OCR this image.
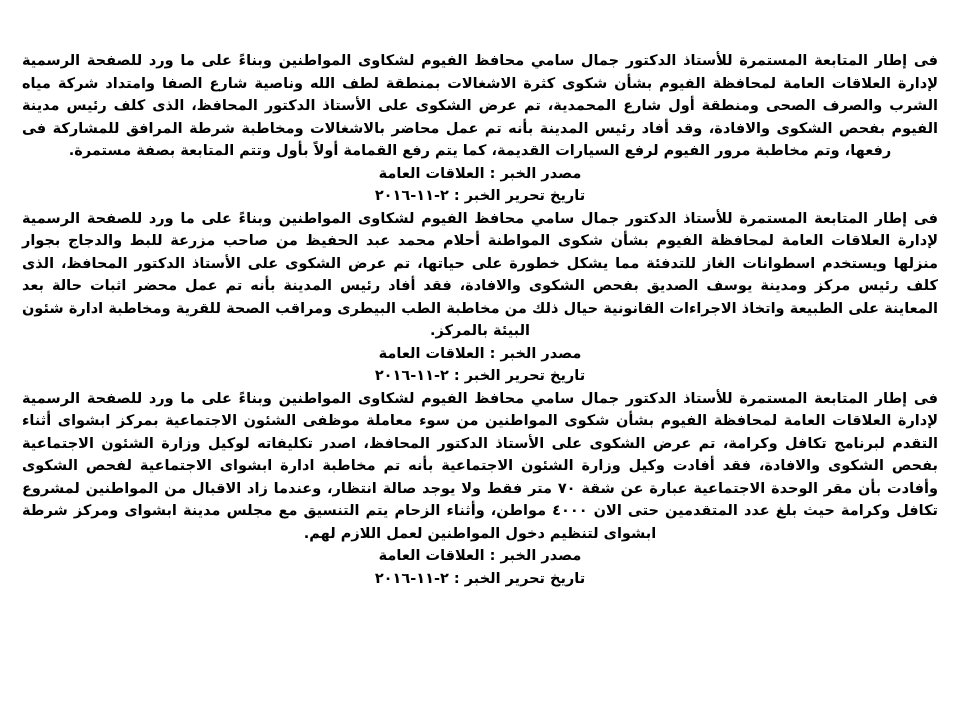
فى إطار المتابعة المستمرة للأستاذ الدكتور جمال سامي محافظ الفيوم لشكاوى المواطنين وبناءً على ما ورد للصفحة الرسمية لإدارة العلاقات العامة لمحافظة الفيوم بشأن شكوى كثرة الاشغالات بمنطقة لطف الله وناصية شارع الصفا وامتداد شركة مياه الشرب والصرف الصحى ومنطقة أول شارع المحمدية، تم عرض الشكوى على الأستاذ الدكتور المحافظ، الذى كلف رئيس مدينة الفيوم بفحص الشكوى والافادة، وقد أفاد رئيس المدينة بأنه تم عمل محاضر بالاشغالات ومخاطبة شرطة المرافق للمشاركة فى رفعها، وتم مخاطبة مرور الفيوم لرفع السيارات القديمة، كما يتم رفع القمامة أولاً بأول وتتم المتابعة بصفة مستمرة.

مصدر الخبر : العلاقات العامة

تاريخ تحرير الخبر : ٢-١١-٢٠١٦

فى إطار المتابعة المستمرة للأستاذ الدكتور جمال سامي محافظ الفيوم لشكاوى المواطنين وبناءً على ما ورد للصفحة الرسمية لإدارة العلاقات العامة لمحافظة الفيوم بشأن شكوى المواطنة أحلام محمد عبد الحفيظ من صاحب مزرعة للبط والدجاج بجوار منزلها ويستخدم اسطوانات الغاز للتدفئة مما يشكل خطورة على حياتها، تم عرض الشكوى على الأستاذ الدكتور المحافظ، الذى كلف رئيس مركز ومدينة يوسف الصديق بفحص الشكوى والافادة، فقد أفاد رئيس المدينة بأنه تم عمل محضر اثبات حالة بعد المعاينة على الطبيعة واتخاذ الاجراءات القانونية حيال ذلك من مخاطبة الطب البيطرى ومراقب الصحة للقرية ومخاطبة ادارة شئون البيئة بالمركز.

مصدر الخبر : العلاقات العامة

تاريخ تحرير الخبر : ٢-١١-٢٠١٦

فى إطار المتابعة المستمرة للأستاذ الدكتور جمال سامي محافظ الفيوم لشكاوى المواطنين وبناءً على ما ورد للصفحة الرسمية لإدارة العلاقات العامة لمحافظة الفيوم بشأن شكوى المواطنين من سوء معاملة موظفى الشئون الاجتماعية بمركز ابشواى أثناء التقدم لبرنامج تكافل وكرامة، تم عرض الشكوى على الأستاذ الدكتور المحافظ، اصدر تكليفاته لوكيل وزارة الشئون الاجتماعية بفحص الشكوى والافادة، فقد أفادت وكيل وزارة الشئون الاجتماعية بأنه تم مخاطبة ادارة ابشواى الاجتماعية لفحص الشكوى وأفادت بأن مقر الوحدة الاجتماعية عبارة عن شقة ٧٠ متر فقط ولا يوجد صالة انتظار، وعندما زاد الاقبال من المواطنين لمشروع تكافل وكرامة حيث بلغ عدد المتقدمين حتى الان ٤٠٠٠ مواطن، وأثناء الزحام يتم التنسيق مع مجلس مدينة ابشواى ومركز شرطة ابشواى لتنظيم دخول المواطنين لعمل اللازم لهم.

مصدر الخبر : العلاقات العامة

تاريخ تحرير الخبر : ٢-١١-٢٠١٦
